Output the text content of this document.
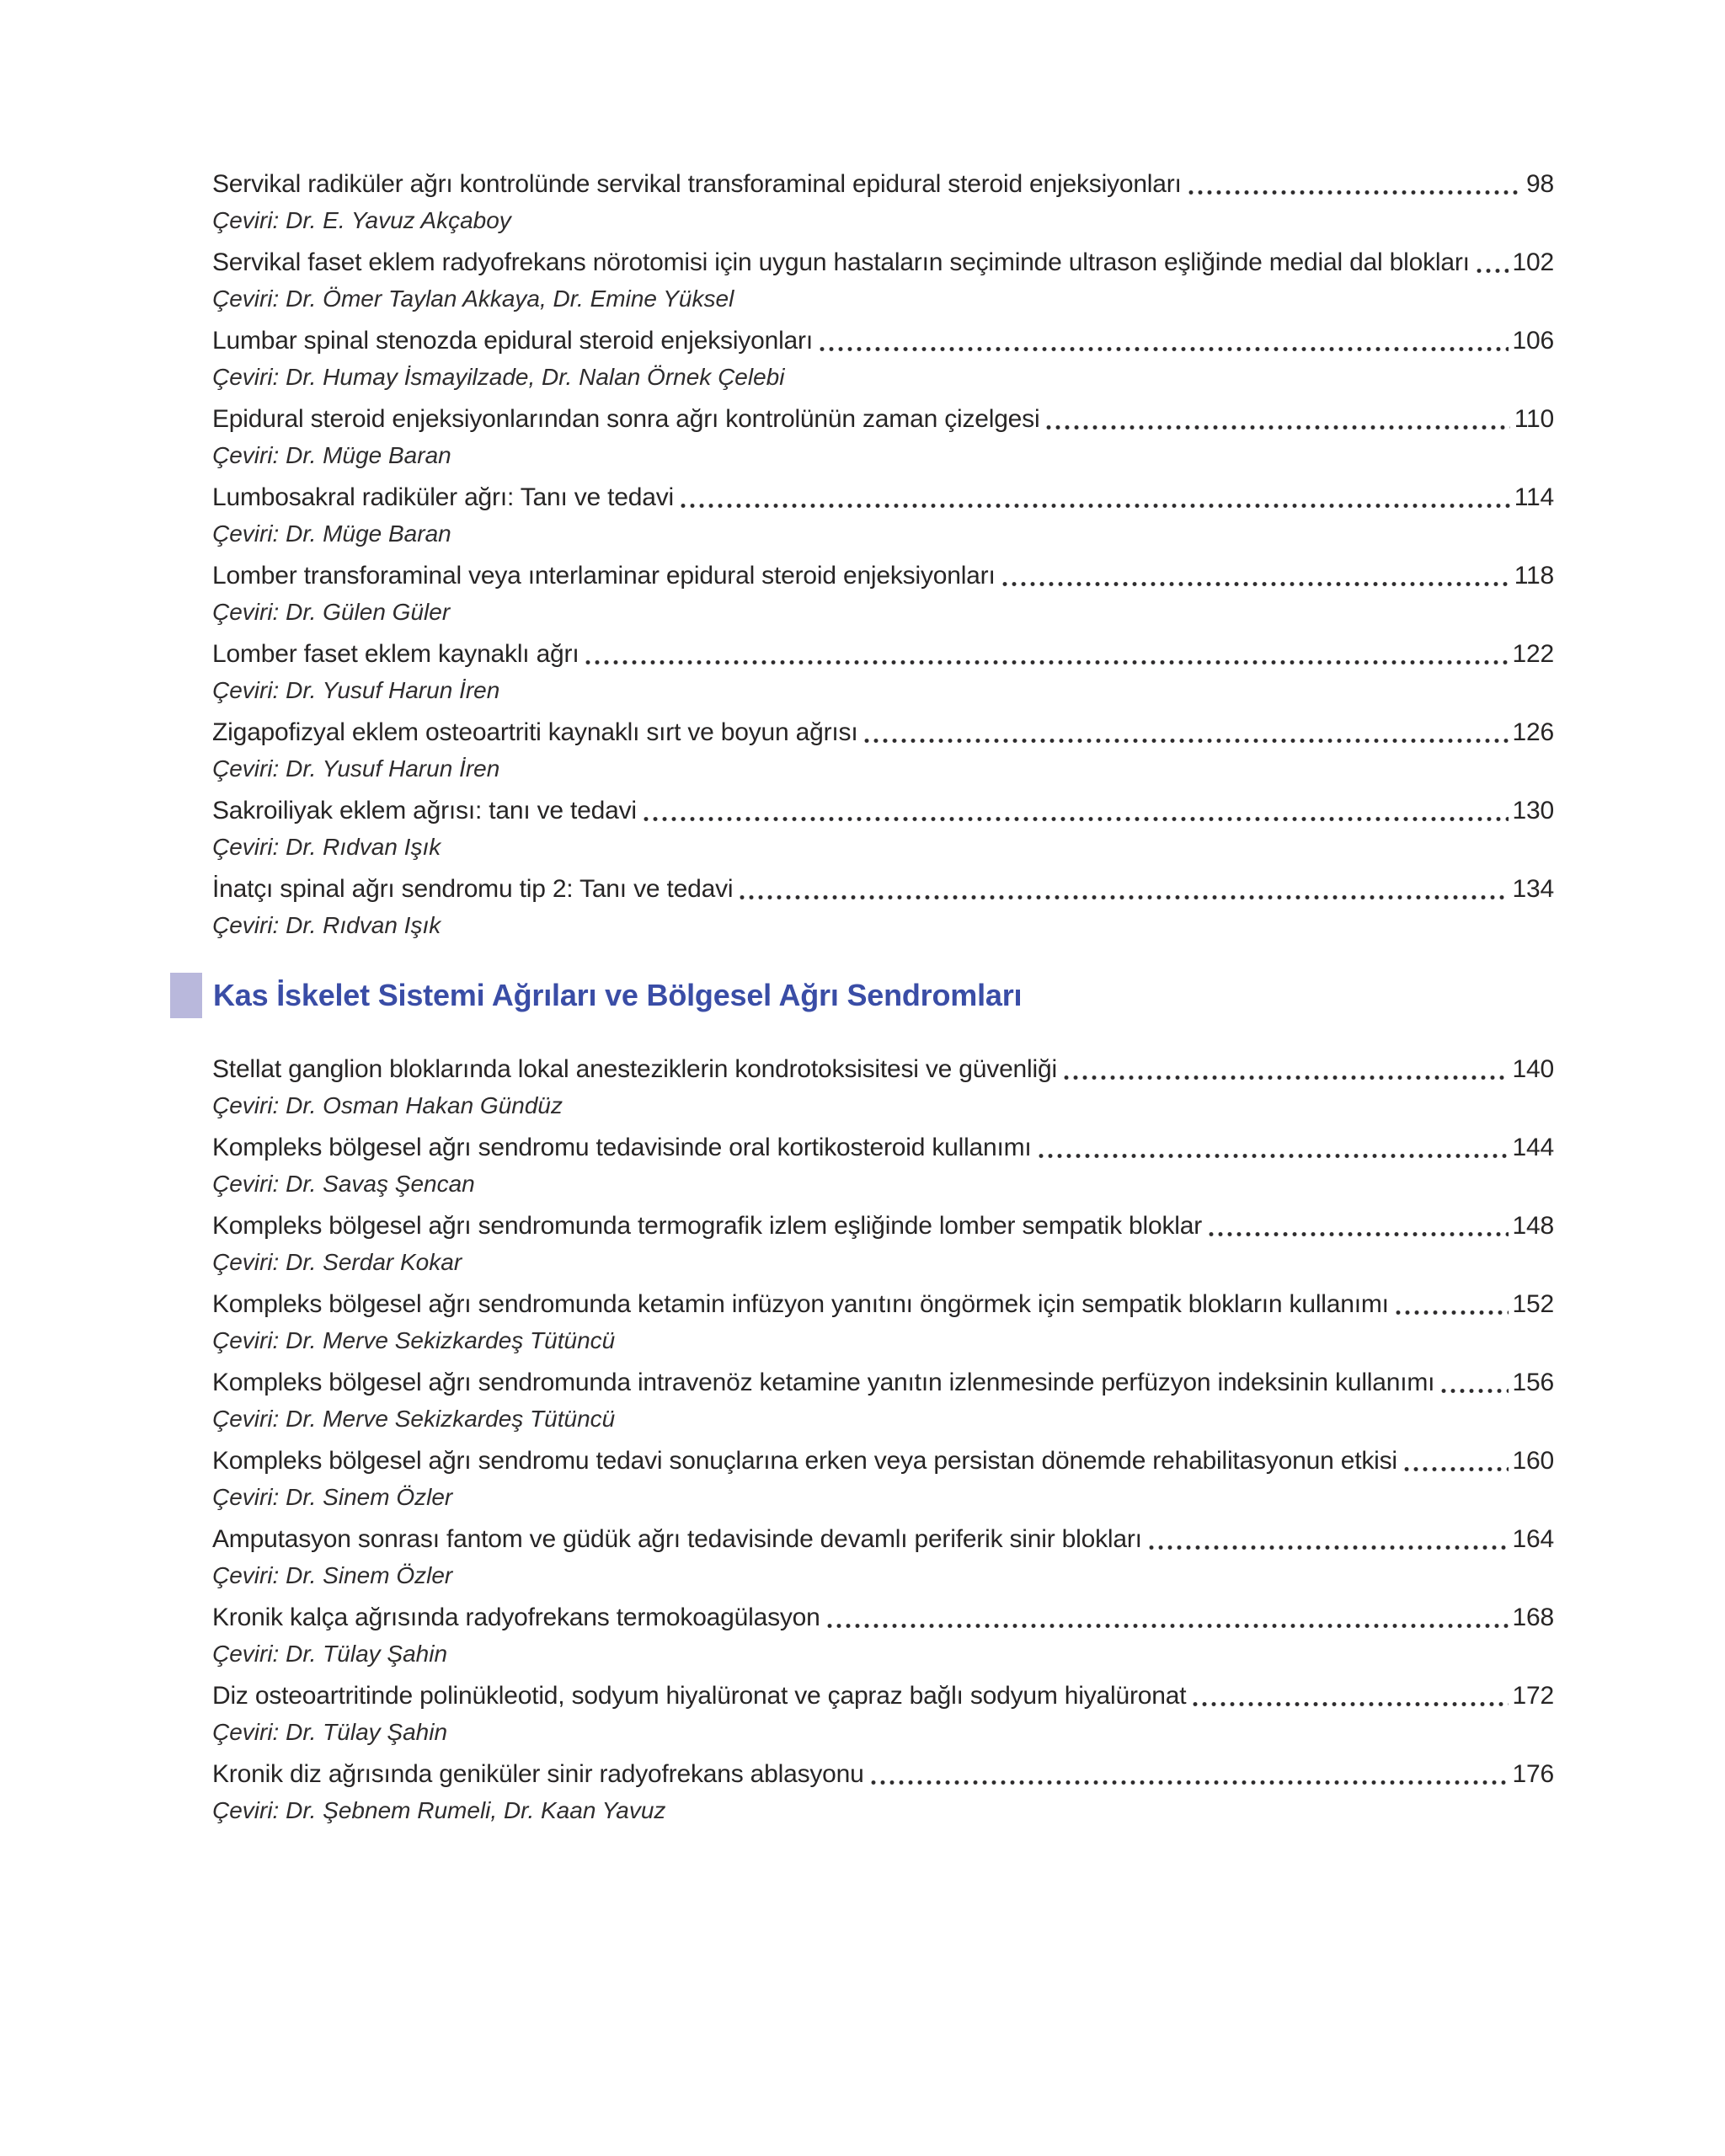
Servikal radiküler ağrı kontrolünde servikal transforaminal epidural steroid enjeksiyonları	98
Çeviri: Dr. E. Yavuz Akçaboy
Servikal faset eklem radyofrekans nörotomisi için uygun hastaların seçiminde ultrason eşliğinde medial dal blokları 102
Çeviri: Dr. Ömer Taylan Akkaya, Dr. Emine Yüksel
Lumbar spinal stenozda epidural steroid enjeksiyonları	106
Çeviri: Dr. Humay İsmayilzade, Dr. Nalan Örnek Çelebi
Epidural steroid enjeksiyonlarından sonra ağrı kontrolünün zaman çizelgesi	110
Çeviri: Dr. Müge Baran
Lumbosakral radiküler ağrı: Tanı ve tedavi	114
Çeviri: Dr. Müge Baran
Lomber transforaminal veya ınterlaminar epidural steroid enjeksiyonları	118
Çeviri: Dr. Gülen Güler
Lomber faset eklem kaynaklı ağrı	122
Çeviri: Dr. Yusuf Harun İren
Zigapofizyal eklem osteoartriti kaynaklı sırt ve boyun ağrısı	126
Çeviri: Dr. Yusuf Harun İren
Sakroiliyak eklem ağrısı: tanı ve tedavi	130
Çeviri: Dr. Rıdvan Işık
İnatçı spinal ağrı sendromu tip 2: Tanı ve tedavi	134
Çeviri: Dr. Rıdvan Işık
Kas İskelet Sistemi Ağrıları ve Bölgesel Ağrı Sendromları
Stellat ganglion bloklarında lokal anesteziklerin kondrotoksisitesi ve güvenliği	140
Çeviri: Dr. Osman Hakan Gündüz
Kompleks bölgesel ağrı sendromu tedavisinde oral kortikosteroid kullanımı	144
Çeviri: Dr. Savaş Şencan
Kompleks bölgesel ağrı sendromunda termografik izlem eşliğinde lomber sempatik bloklar	148
Çeviri: Dr. Serdar Kokar
Kompleks bölgesel ağrı sendromunda ketamin infüzyon yanıtını öngörmek için sempatik blokların kullanımı	152
Çeviri: Dr. Merve Sekizkardeş Tütüncü
Kompleks bölgesel ağrı sendromunda intravenöz ketamine yanıtın izlenmesinde perfüzyon indeksinin kullanımı	156
Çeviri: Dr. Merve Sekizkardeş Tütüncü
Kompleks bölgesel ağrı sendromu tedavi sonuçlarına erken veya persistan dönemde rehabilitasyonun etkisi	160
Çeviri: Dr. Sinem Özler
Amputasyon sonrası fantom ve güdük ağrı tedavisinde devamlı periferik sinir blokları	164
Çeviri: Dr. Sinem Özler
Kronik kalça ağrısında radyofrekans termokoagülasyon	168
Çeviri: Dr. Tülay Şahin
Diz osteoartritinde polinükleotid, sodyum hiyalüronat ve çapraz bağlı sodyum hiyalüronat	172
Çeviri: Dr. Tülay Şahin
Kronik diz ağrısında geniküler sinir radyofrekans ablasyonu	176
Çeviri: Dr. Şebnem Rumeli, Dr. Kaan Yavuz
